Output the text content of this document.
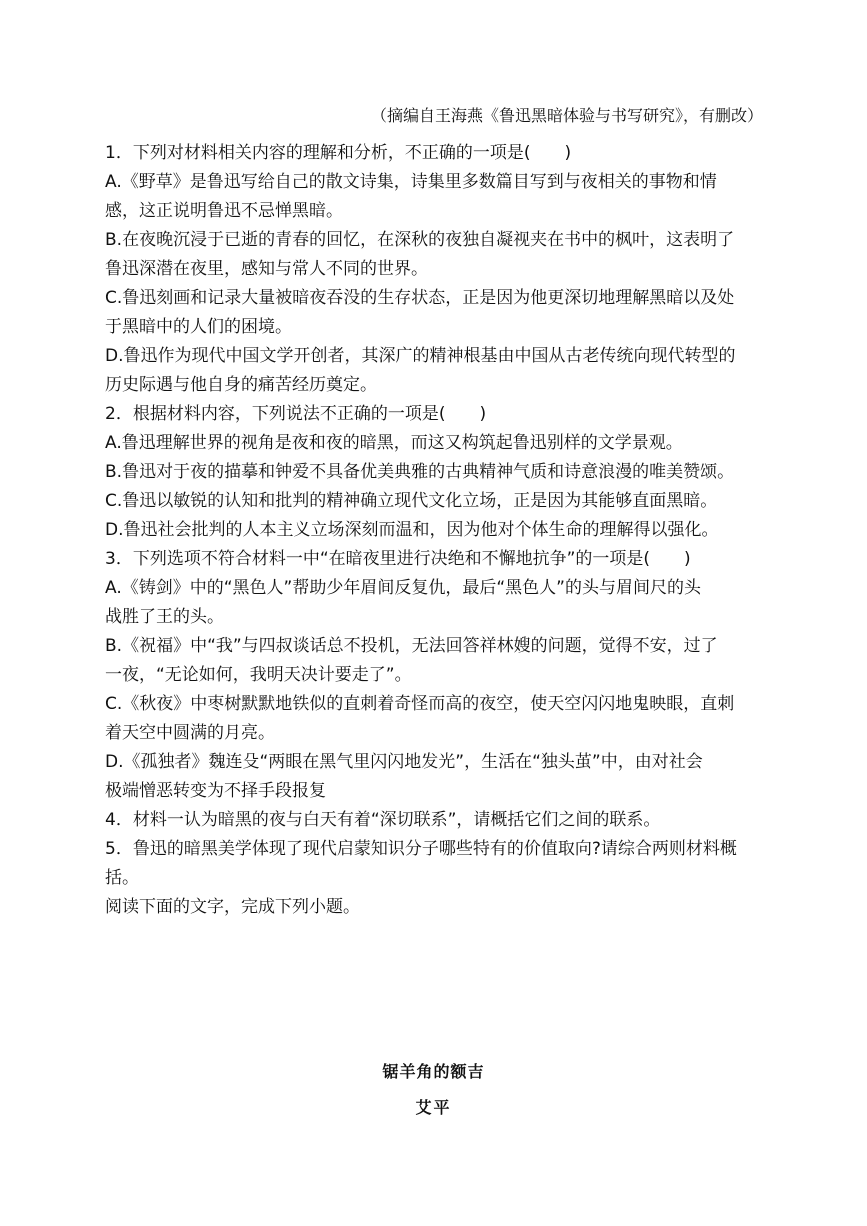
（摘编自王海燕《鲁迅黑暗体验与书写研究》，有删改）
1．下列对材料相关内容的理解和分析，不正确的一项是(　　)
A.《野草》是鲁迅写给自己的散文诗集，诗集里多数篇目写到与夜相关的事物和情
感，这正说明鲁迅不忌惮黑暗。
B.在夜晚沉浸于已逝的青春的回忆，在深秋的夜独自凝视夹在书中的枫叶，这表明了
鲁迅深潜在夜里，感知与常人不同的世界。
C.鲁迅刻画和记录大量被暗夜吞没的生存状态，正是因为他更深切地理解黑暗以及处
于黑暗中的人们的困境。
D.鲁迅作为现代中国文学开创者，其深广的精神根基由中国从古老传统向现代转型的
历史际遇与他自身的痛苦经历奠定。
2．根据材料内容，下列说法不正确的一项是(　　)
A.鲁迅理解世界的视角是夜和夜的暗黑，而这又构筑起鲁迅别样的文学景观。
B.鲁迅对于夜的描摹和钟爱不具备优美典雅的古典精神气质和诗意浪漫的唯美赞颂。
C.鲁迅以敏锐的认知和批判的精神确立现代文化立场，正是因为其能够直面黑暗。
D.鲁迅社会批判的人本主义立场深刻而温和，因为他对个体生命的理解得以强化。
3．下列选项不符合材料一中“在暗夜里进行决绝和不懈地抗争”的一项是(　　)
A.《铸剑》中的“黑色人”帮助少年眉间反复仇，最后“黑色人”的头与眉间尺的头
战胜了王的头。
B.《祝福》中“我”与四叔谈话总不投机，无法回答祥林嫂的问题，觉得不安，过了
一夜，“无论如何，我明天决计要走了”。
C.《秋夜》中枣树默默地铁似的直刺着奇怪而高的夜空，使天空闪闪地鬼映眼，直刺
着天空中圆满的月亮。
D.《孤独者》魏连殳“两眼在黑气里闪闪地发光”，生活在“独头茧”中，由对社会
极端憎恶转变为不择手段报复
4．材料一认为暗黑的夜与白天有着“深切联系”，请概括它们之间的联系。
5．鲁迅的暗黑美学体现了现代启蒙知识分子哪些特有的价值取向?请综合两则材料概
括。
阅读下面的文字，完成下列小题。
锯羊角的额吉
艾平
